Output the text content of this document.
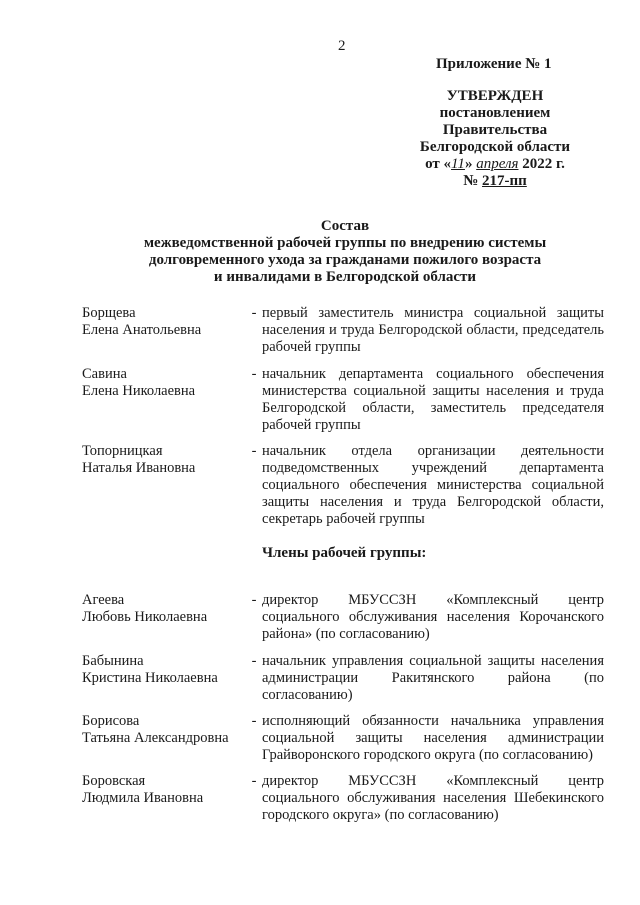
2
Приложение № 1
УТВЕРЖДЕН
постановлением Правительства
Белгородской области
от «11» апреля 2022 г.
№ 217-пп
Состав
межведомственной рабочей группы по внедрению системы
долговременного ухода за гражданами пожилого возраста
и инвалидами в Белгородской области
Борщева
Елена Анатольевна
- первый заместитель министра социальной защиты населения и труда Белгородской области, председатель рабочей группы
Савина
Елена Николаевна
- начальник департамента социального обеспечения министерства социальной защиты населения и труда Белгородской области, заместитель председателя рабочей группы
Топорницкая
Наталья Ивановна
- начальник отдела организации деятельности подведомственных учреждений департамента социального обеспечения министерства социальной защиты населения и труда Белгородской области, секретарь рабочей группы
Члены рабочей группы:
Агеева
Любовь Николаевна
- директор МБУССЗН «Комплексный центр социального обслуживания населения Корочанского района» (по согласованию)
Бабынина
Кристина Николаевна
- начальник управления социальной защиты населения администрации Ракитянского района (по согласованию)
Борисова
Татьяна Александровна
- исполняющий обязанности начальника управления социальной защиты населения администрации Грайворонского городского округа (по согласованию)
Боровская
Людмила Ивановна
- директор МБУССЗН «Комплексный центр социального обслуживания населения Шебекинского городского округа» (по согласованию)
